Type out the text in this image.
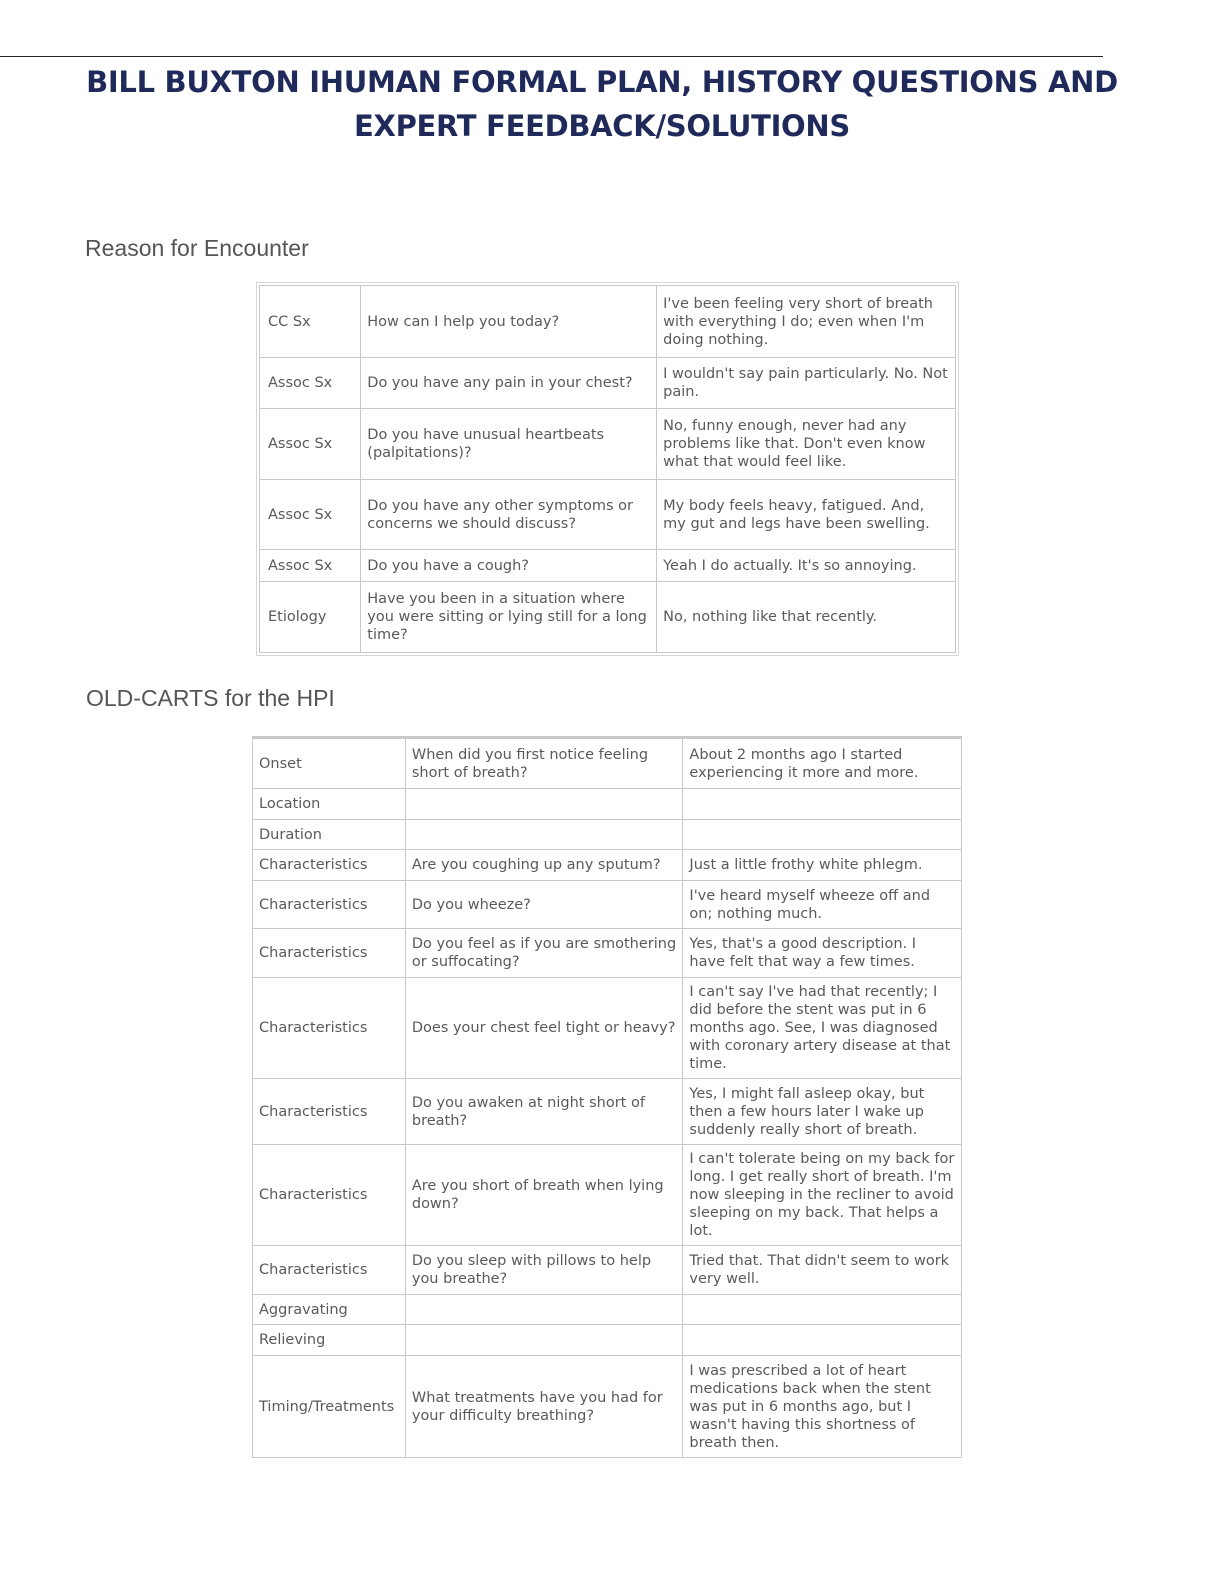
BILL BUXTON IHUMAN FORMAL PLAN, HISTORY QUESTIONS AND EXPERT FEEDBACK/SOLUTIONS
Reason for Encounter
CC Sx	How can I help you today?	I've been feeling very short of breath with everything I do; even when I'm doing nothing.
Assoc Sx	Do you have any pain in your chest?	I wouldn't say pain particularly. No. Not pain.
Assoc Sx	Do you have unusual heartbeats (palpitations)?	No, funny enough, never had any problems like that. Don't even know what that would feel like.
Assoc Sx	Do you have any other symptoms or concerns we should discuss?	My body feels heavy, fatigued. And, my gut and legs have been swelling.
Assoc Sx	Do you have a cough?	Yeah I do actually. It's so annoying.
Etiology	Have you been in a situation where you were sitting or lying still for a long time?	No, nothing like that recently.
OLD-CARTS for the HPI
Onset	When did you first notice feeling short of breath?	About 2 months ago I started experiencing it more and more.
Location		
Duration		
Characteristics	Are you coughing up any sputum?	Just a little frothy white phlegm.
Characteristics	Do you wheeze?	I've heard myself wheeze off and on; nothing much.
Characteristics	Do you feel as if you are smothering or suffocating?	Yes, that's a good description. I have felt that way a few times.
Characteristics	Does your chest feel tight or heavy?	I can't say I've had that recently; I did before the stent was put in 6 months ago. See, I was diagnosed with coronary artery disease at that time.
Characteristics	Do you awaken at night short of breath?	Yes, I might fall asleep okay, but then a few hours later I wake up suddenly really short of breath.
Characteristics	Are you short of breath when lying down?	I can't tolerate being on my back for long. I get really short of breath. I'm now sleeping in the recliner to avoid sleeping on my back. That helps a lot.
Characteristics	Do you sleep with pillows to help you breathe?	Tried that. That didn't seem to work very well.
Aggravating		
Relieving		
Timing/Treatments	What treatments have you had for your difficulty breathing?	I was prescribed a lot of heart medications back when the stent was put in 6 months ago, but I wasn't having this shortness of breath then.
